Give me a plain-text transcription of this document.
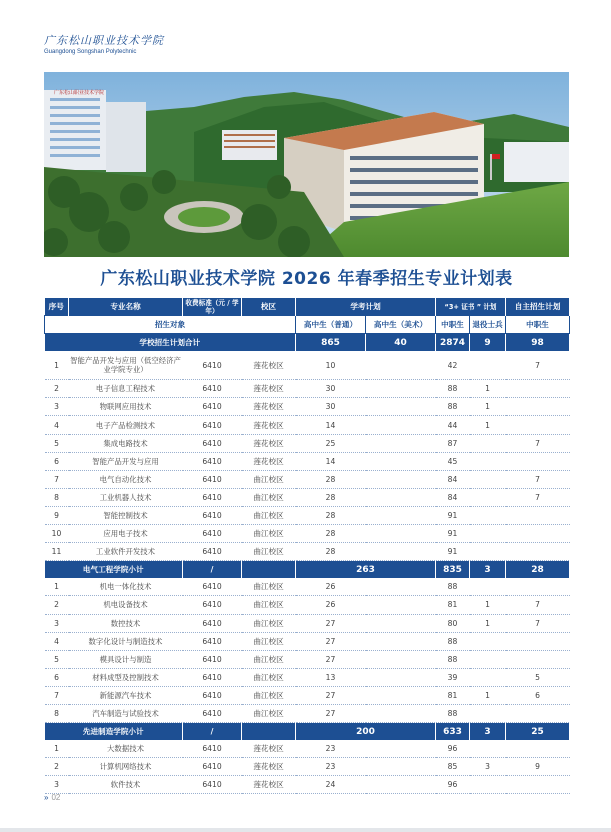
广东松山职业技术学院
Guangdong Songshan Polytechnic
广东松山职业技术学院
广东松山职业技术学院 2026 年春季招生专业计划表
序号	专业名称	收费标准（元 / 学年）	校区	学考计划		“3+ 证书 ” 计划		自主招生计划
招生对象				高中生（普通）	高中生（美术）	中职生	退役士兵	中职生
学校招生计划合计				865	40	2874	9	98
1	智能产品开发与应用（低空经济产业学院专业）	6410	莲花校区	10		42		7
2	电子信息工程技术	6410	莲花校区	30		88	1	
3	物联网应用技术	6410	莲花校区	30		88	1	
4	电子产品检测技术	6410	莲花校区	14		44	1	
5	集成电路技术	6410	莲花校区	25		87		7
6	智能产品开发与应用	6410	莲花校区	14		45		
7	电气自动化技术	6410	曲江校区	28		84		7
8	工业机器人技术	6410	曲江校区	28		84		7
9	智能控制技术	6410	曲江校区	28		91		
10	应用电子技术	6410	曲江校区	28		91		
11	工业软件开发技术	6410	曲江校区	28		91		
电气工程学院小计		/		263		835	3	28
1	机电一体化技术	6410	曲江校区	26		88		
2	机电设备技术	6410	曲江校区	26		81	1	7
3	数控技术	6410	曲江校区	27		80	1	7
4	数字化设计与制造技术	6410	曲江校区	27		88		
5	模具设计与制造	6410	曲江校区	27		88		
6	材料成型及控制技术	6410	曲江校区	13		39		5
7	新能源汽车技术	6410	曲江校区	27		81	1	6
8	汽车制造与试验技术	6410	曲江校区	27		88		
先进制造学院小计		/		200		633	3	25
1	大数据技术	6410	莲花校区	23		96		
2	计算机网络技术	6410	莲花校区	23		85	3	9
3	软件技术	6410	莲花校区	24		96		
» 02
